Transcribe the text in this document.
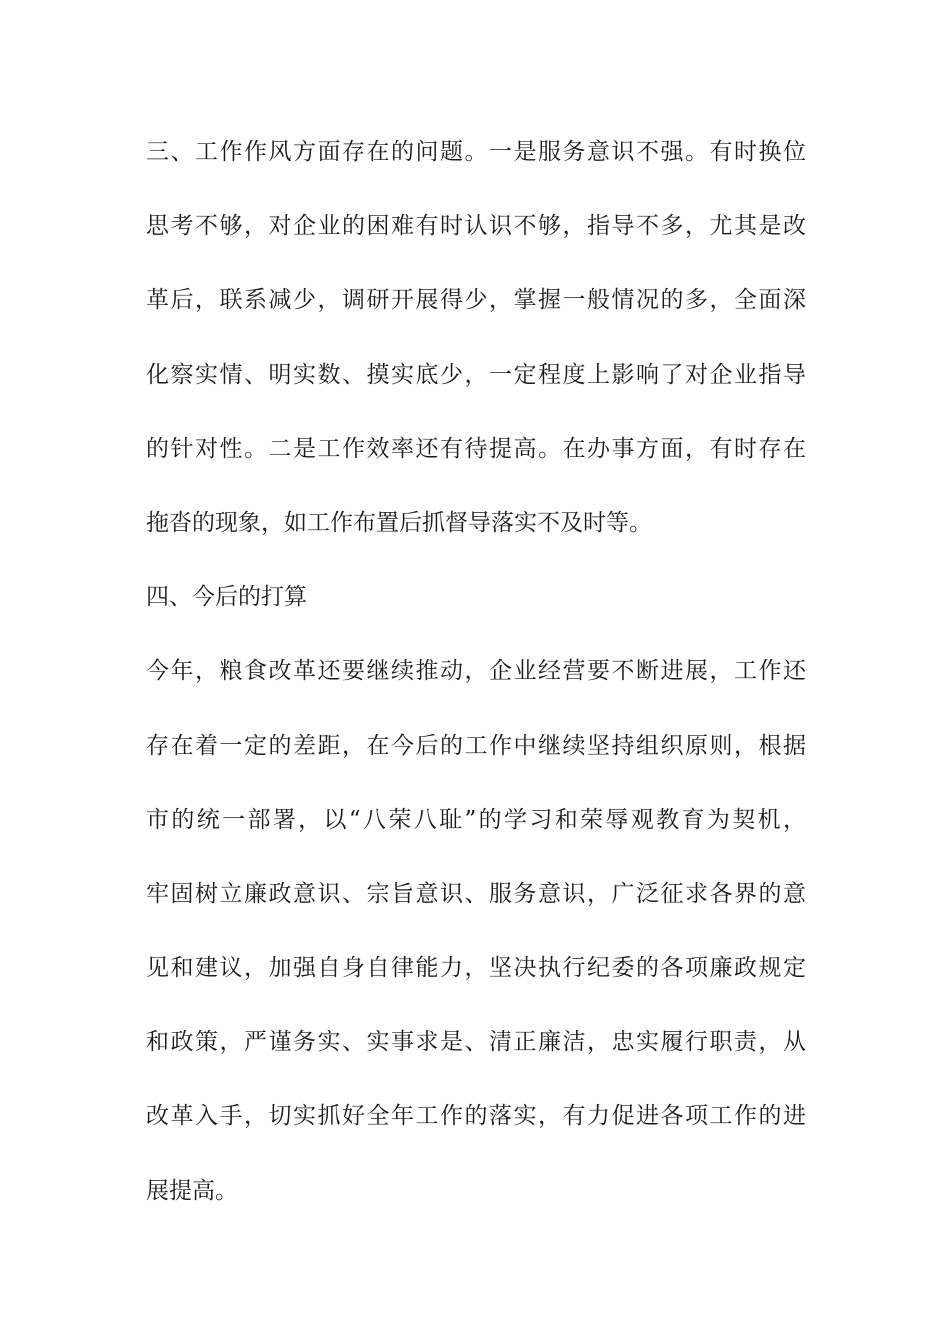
三、工作作风方面存在的问题。一是服务意识不强。有时换位
思考不够，对企业的困难有时认识不够，指导不多，尤其是改
革后，联系减少，调研开展得少，掌握一般情况的多，全面深
化察实情、明实数、摸实底少，一定程度上影响了对企业指导
的针对性。二是工作效率还有待提高。在办事方面，有时存在
拖沓的现象，如工作布置后抓督导落实不及时等。
四、今后的打算
今年，粮食改革还要继续推动，企业经营要不断进展，工作还
存在着一定的差距，在今后的工作中继续坚持组织原则，根据
市的统一部署，以“八荣八耻”的学习和荣辱观教育为契机，
牢固树立廉政意识、宗旨意识、服务意识，广泛征求各界的意
见和建议，加强自身自律能力，坚决执行纪委的各项廉政规定
和政策，严谨务实、实事求是、清正廉洁，忠实履行职责，从
改革入手，切实抓好全年工作的落实，有力促进各项工作的进
展提高。
